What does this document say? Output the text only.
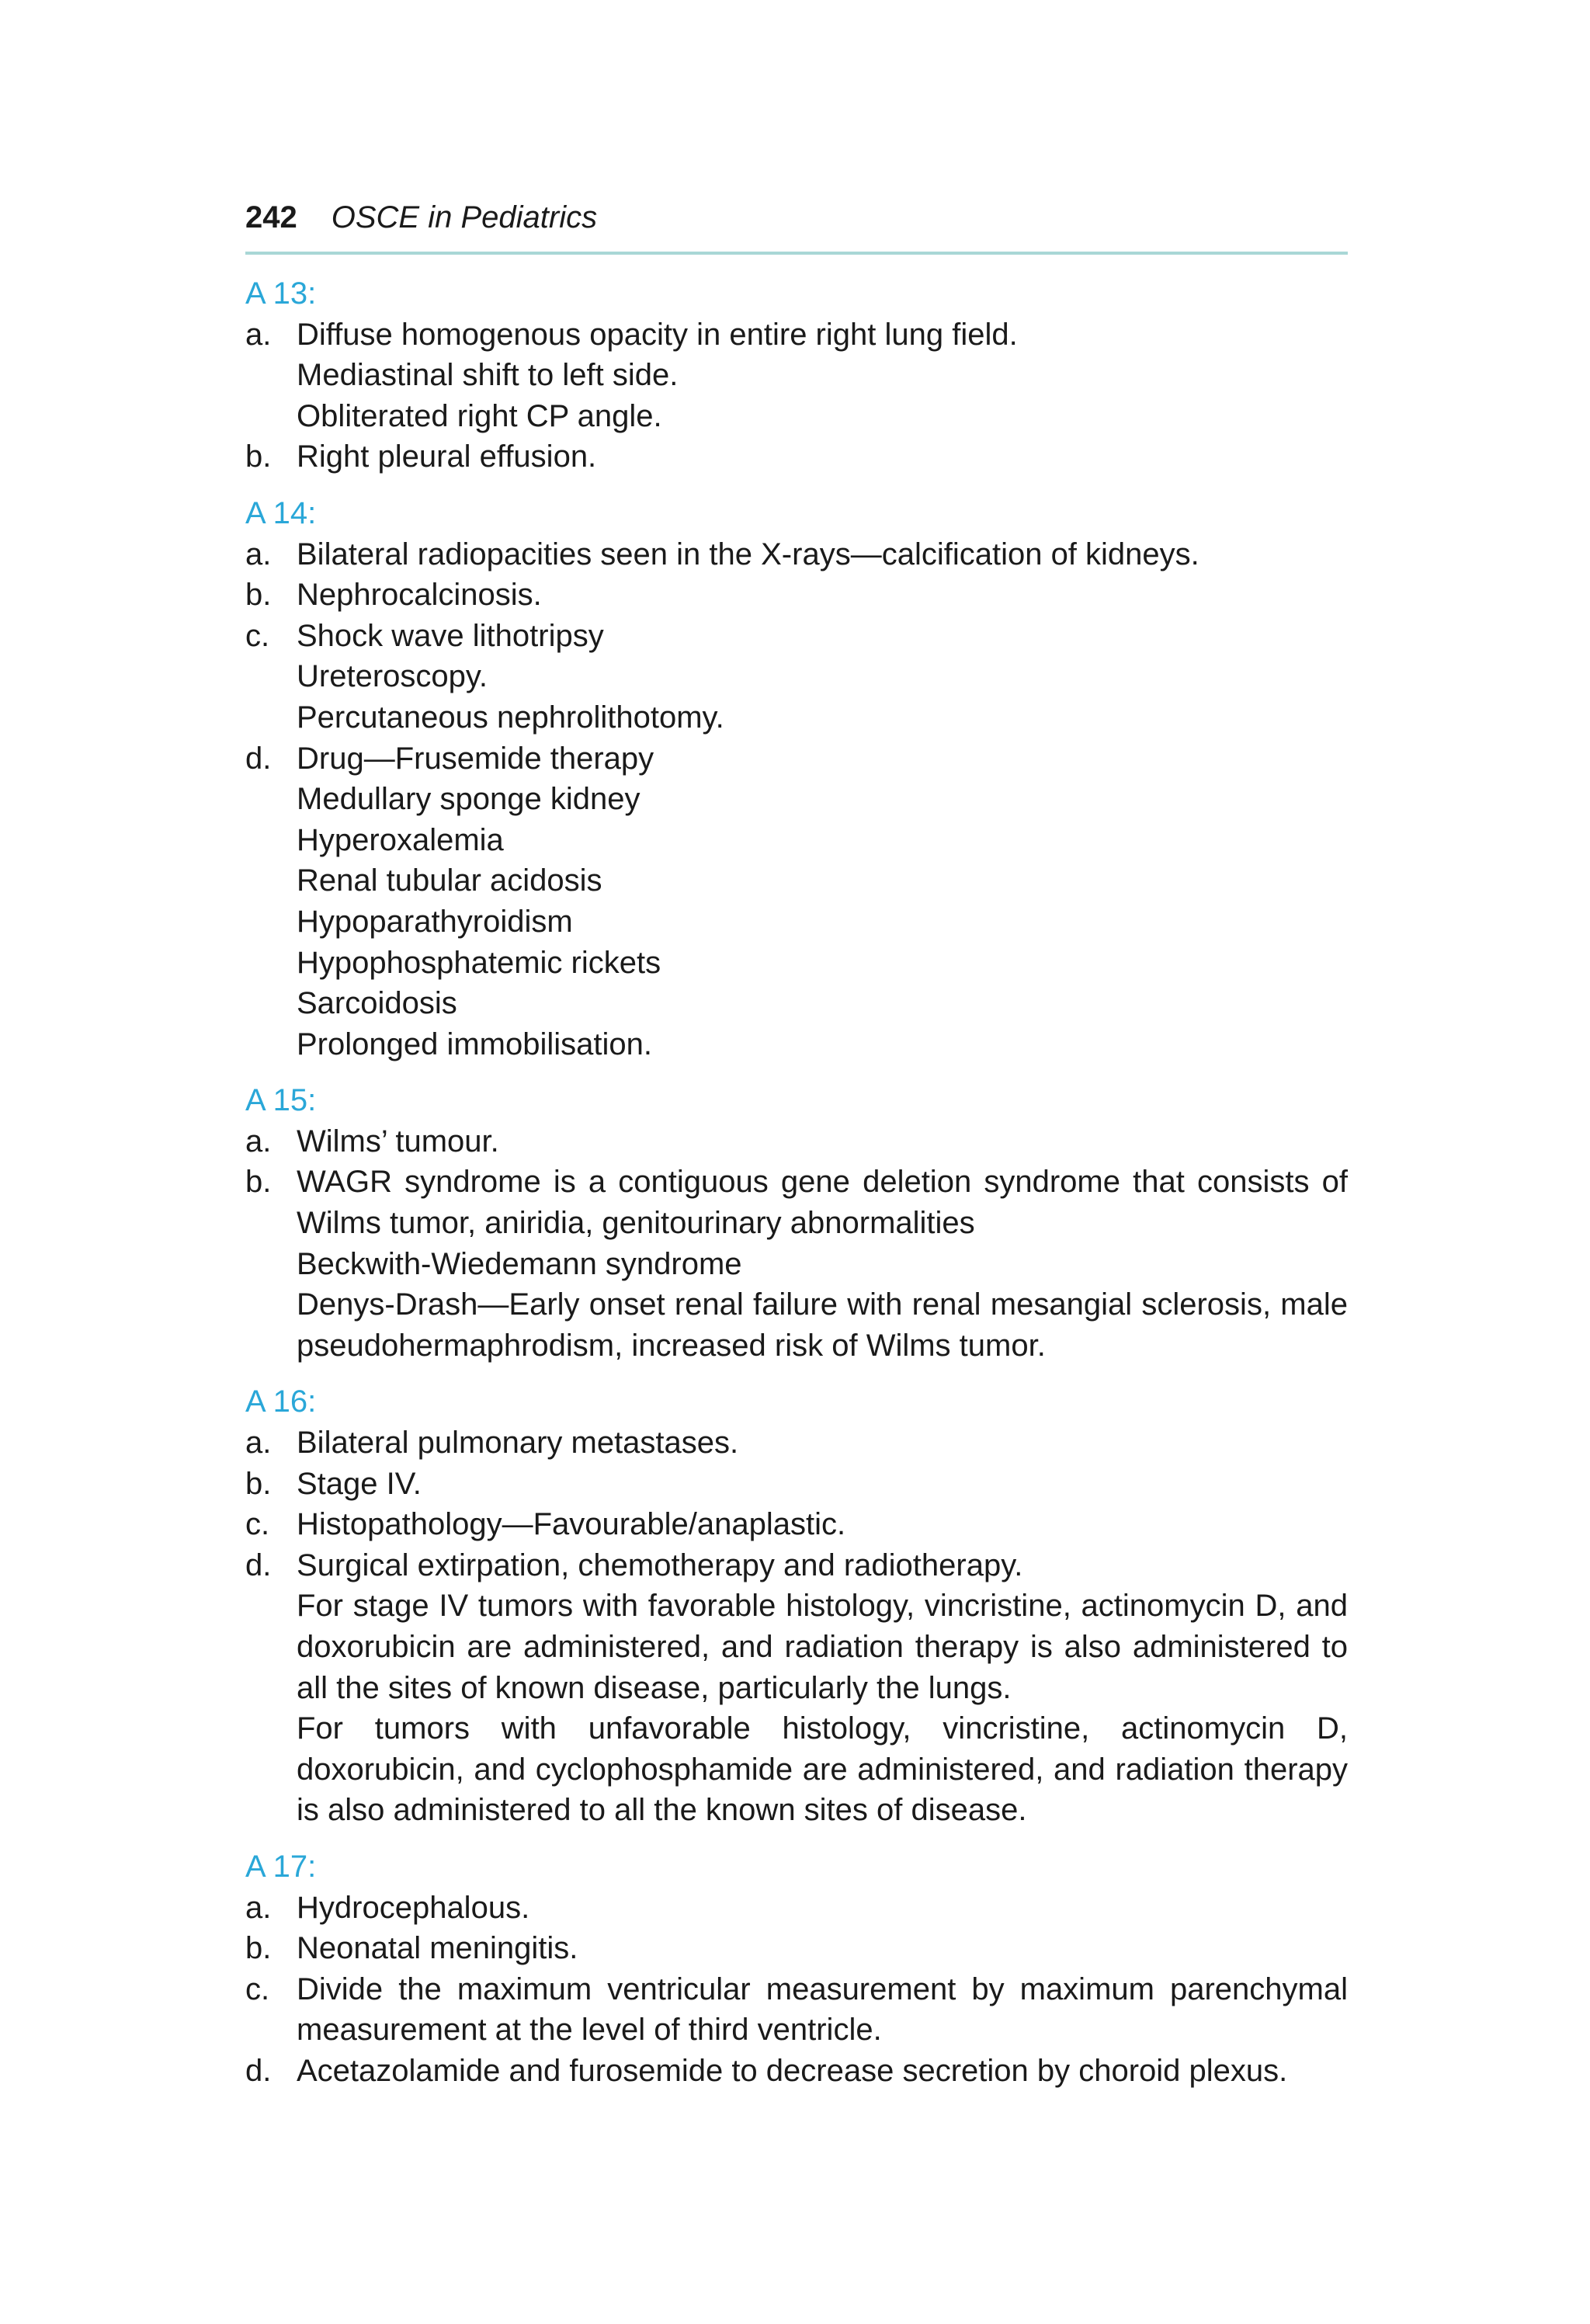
242 OSCE in Pediatrics
A 13:
a. Diffuse homogenous opacity in entire right lung field.
Mediastinal shift to left side.
Obliterated right CP angle.
b. Right pleural effusion.
A 14:
a. Bilateral radiopacities seen in the X-rays—calcification of kidneys.
b. Nephrocalcinosis.
c. Shock wave lithotripsy
Ureteroscopy.
Percutaneous nephrolithotomy.
d. Drug—Frusemide therapy
Medullary sponge kidney
Hyperoxalemia
Renal tubular acidosis
Hypoparathyroidism
Hypophosphatemic rickets
Sarcoidosis
Prolonged immobilisation.
A 15:
a. Wilms’ tumour.
b. WAGR syndrome is a contiguous gene deletion syndrome that consists of Wilms tumor, aniridia, genitourinary abnormalities
Beckwith-Wiedemann syndrome
Denys-Drash—Early onset renal failure with renal mesangial sclerosis, male pseudohermaphrodism, increased risk of Wilms tumor.
A 16:
a. Bilateral pulmonary metastases.
b. Stage IV.
c. Histopathology—Favourable/anaplastic.
d. Surgical extirpation, chemotherapy and radiotherapy.
For stage IV tumors with favorable histology, vincristine, actinomycin D, and doxorubicin are administered, and radiation therapy is also administered to all the sites of known disease, particularly the lungs.
For tumors with unfavorable histology, vincristine, actinomycin D, doxorubicin, and cyclophosphamide are administered, and radiation therapy is also administered to all the known sites of disease.
A 17:
a. Hydrocephalous.
b. Neonatal meningitis.
c. Divide the maximum ventricular measurement by maximum parenchymal measurement at the level of third ventricle.
d. Acetazolamide and furosemide to decrease secretion by choroid plexus.
